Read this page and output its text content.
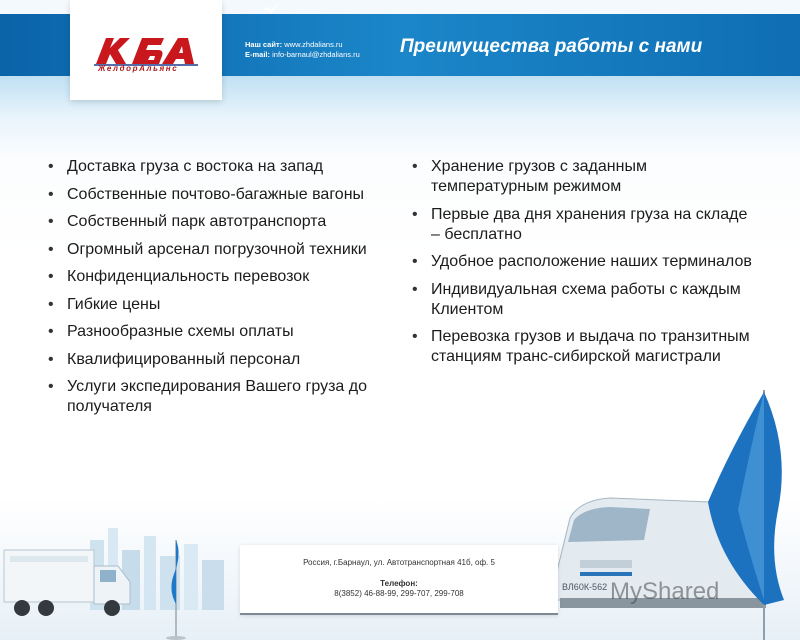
ЖелдорАльянс
Наш сайт: www.zhdalians.ru
E-mail: info-barnaul@zhdalians.ru Преимущества работы с нами
• Доставка груза с востока на запад
• Собственные почтово-багажные вагоны
• Собственный парк автотранспорта
• Огромный арсенал погрузочной техники
• Конфиденциальность перевозок
• Гибкие цены
• Разнообразные схемы оплаты
• Квалифицированный персонал
• Услуги экспедирования Вашего груза до получателя
• Хранение грузов с заданным температурным режимом
• Первые два дня хранения груза на складе – бесплатно
• Удобное расположение наших терминалов
• Индивидуальная схема работы с каждым Клиентом
• Перевозка грузов и выдача по транзитным станциям транс-сибирской магистрали
ВЛ60К-562
Россия, г.Барнаул, ул. Автотранспортная 41б, оф. 5
Телефон:
8(3852) 46-88-99, 299-707, 299-708	MyShared
